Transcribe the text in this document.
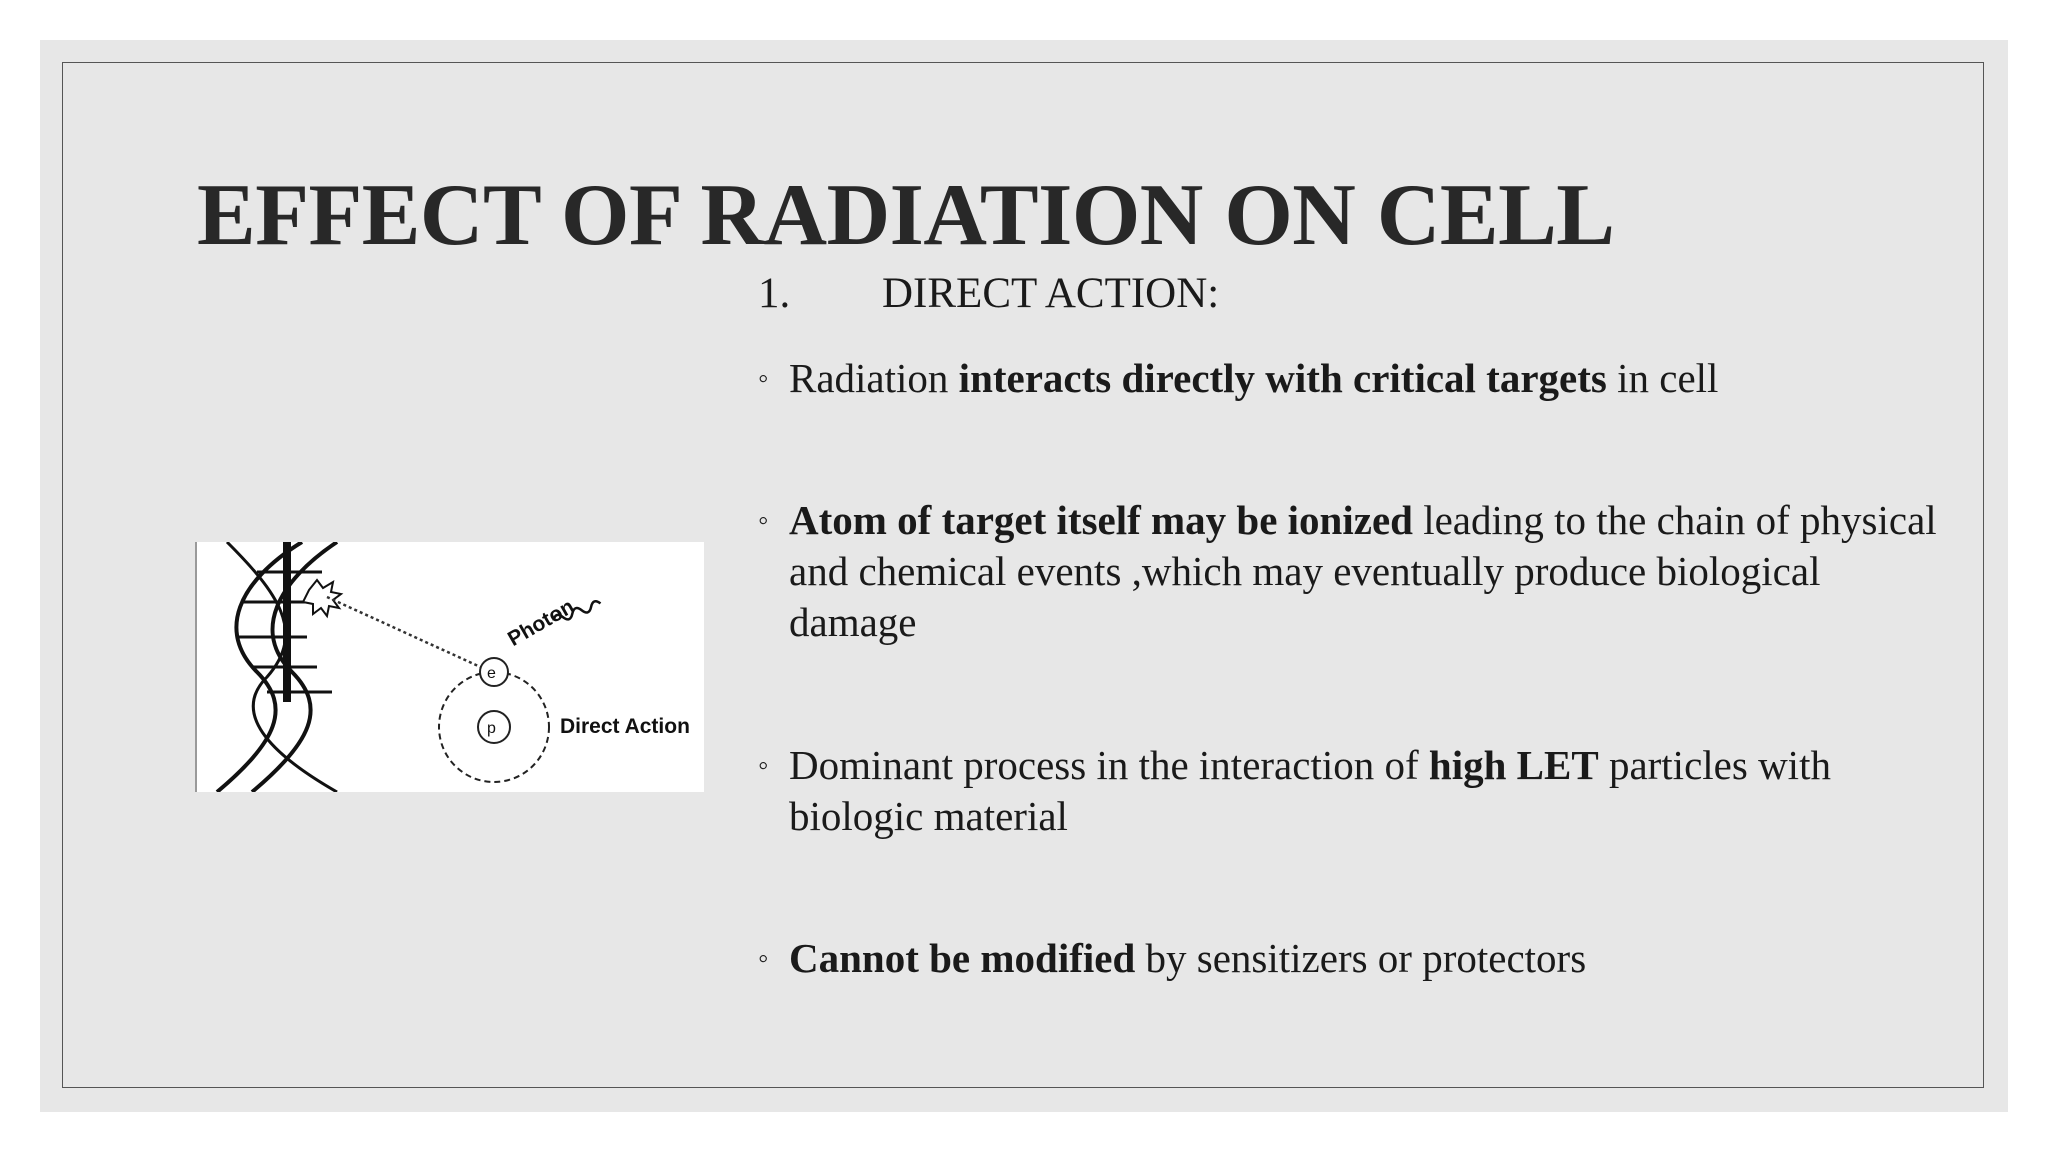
EFFECT OF RADIATION ON CELL
1. DIRECT ACTION:
◦ Radiation interacts directly with critical targets in cell
◦ Atom of target itself may be ionized leading to the chain of physical and chemical events ,which may eventually produce biological damage
◦ Dominant process in the interaction of high LET particles with biologic material
◦ Cannot be modified by sensitizers or protectors
Photon
e
p	Direct Action
